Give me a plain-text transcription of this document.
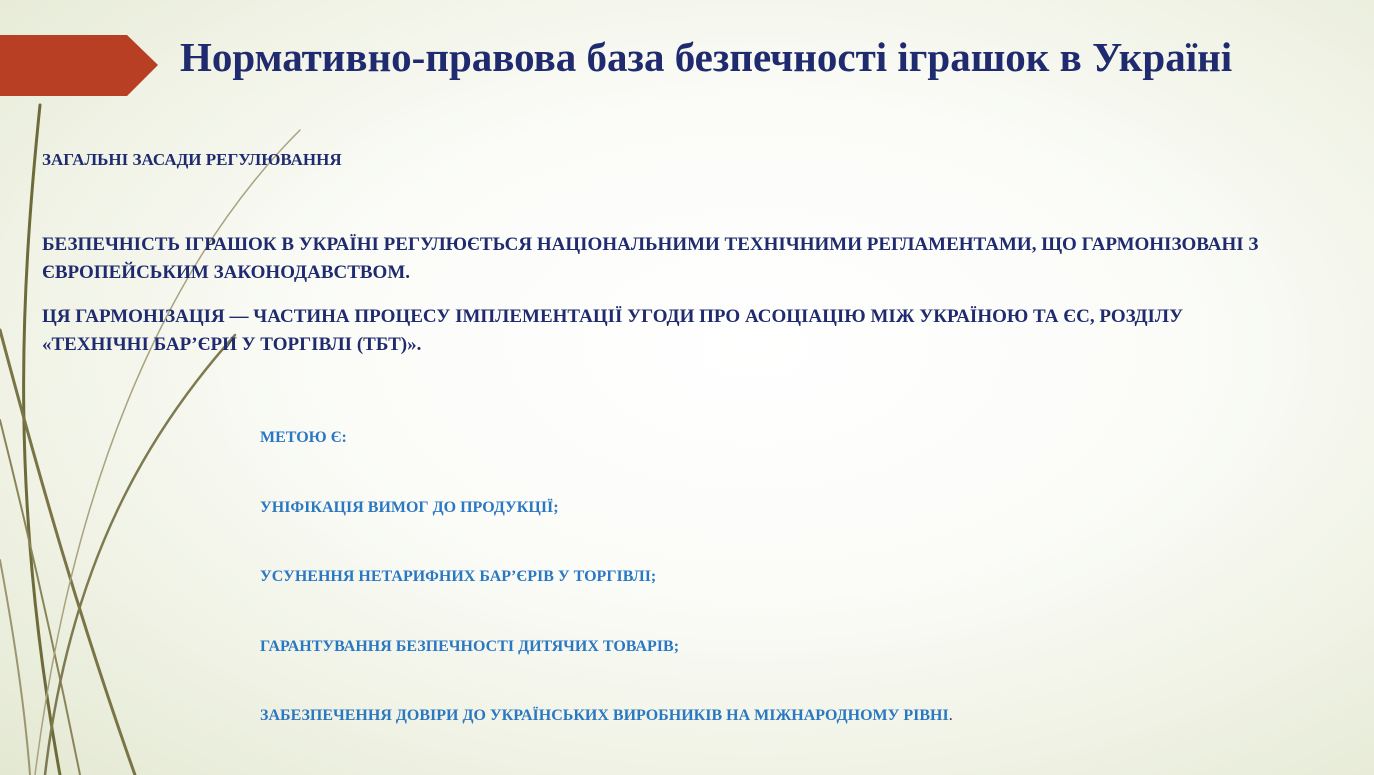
Нормативно-правова база безпечності іграшок в Україні

ЗАГАЛЬНІ ЗАСАДИ РЕГУЛЮВАННЯ

БЕЗПЕЧНІСТЬ ІГРАШОК В УКРАЇНІ РЕГУЛЮЄТЬСЯ НАЦІОНАЛЬНИМИ ТЕХНІЧНИМИ РЕГЛАМЕНТАМИ, ЩО ГАРМОНІЗОВАНІ З ЄВРОПЕЙСЬКИМ ЗАКОНОДАВСТВОМ.

ЦЯ ГАРМОНІЗАЦІЯ — ЧАСТИНА ПРОЦЕСУ ІМПЛЕМЕНТАЦІЇ УГОДИ ПРО АСОЦІАЦІЮ МІЖ УКРАЇНОЮ ТА ЄС, РОЗДІЛУ «ТЕХНІЧНІ БАР’ЄРИ У ТОРГІВЛІ (ТБТ)».

МЕТОЮ Є:

УНІФІКАЦІЯ ВИМОГ ДО ПРОДУКЦІЇ;

УСУНЕННЯ НЕТАРИФНИХ БАР’ЄРІВ У ТОРГІВЛІ;

ГАРАНТУВАННЯ БЕЗПЕЧНОСТІ ДИТЯЧИХ ТОВАРІВ;

ЗАБЕЗПЕЧЕННЯ ДОВІРИ ДО УКРАЇНСЬКИХ ВИРОБНИКІВ НА МІЖНАРОДНОМУ РІВНІ.
